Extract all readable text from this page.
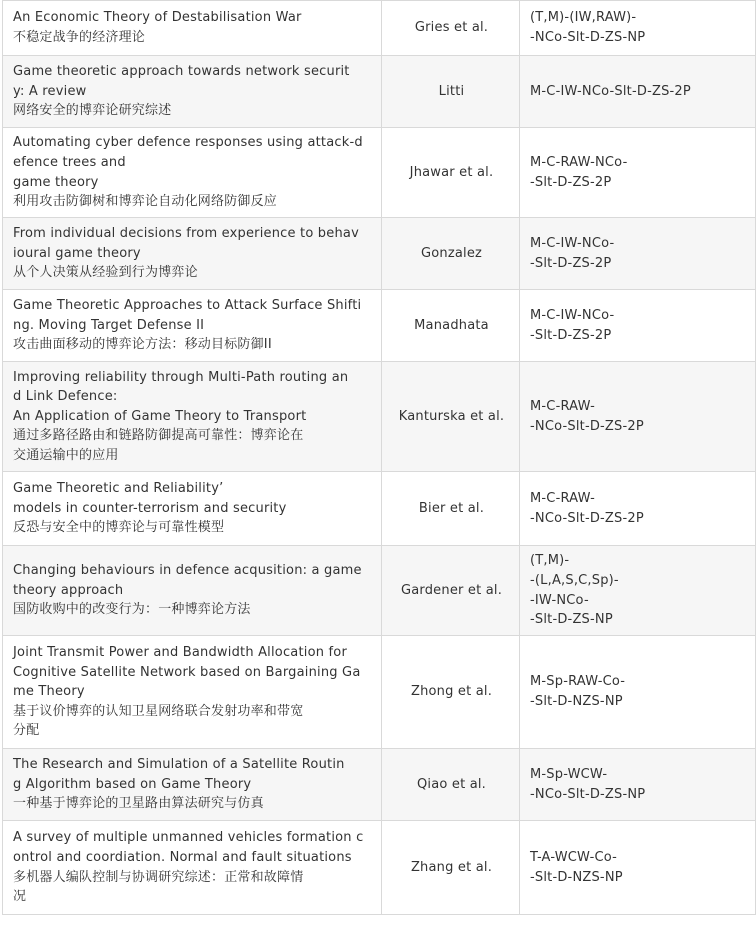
An Economic Theory of Destabilisation War
不稳定战争的经济理论	Gries et al.	(T,M)-(IW,RAW)-
-NCo-Slt-D-ZS-NP

Game theoretic approach towards network securit
y: A review
网络安全的博弈论研究综述	Litti	M-C-IW-NCo-Slt-D-ZS-2P

Automating cyber defence responses using attack-d
efence trees and
game theory
利用攻击防御树和博弈论自动化网络防御反应	Jhawar et al.	M-C-RAW-NCo-
-Slt-D-ZS-2P

From individual decisions from experience to behav
ioural game theory
从个人决策从经验到行为博弈论	Gonzalez	M-C-IW-NCo-
-Slt-D-ZS-2P

Game Theoretic Approaches to Attack Surface Shifti
ng. Moving Target Defense II
攻击曲面移动的博弈论方法：移动目标防御II	Manadhata	M-C-IW-NCo-
-Slt-D-ZS-2P

Improving reliability through Multi-Path routing an
d Link Defence:
An Application of Game Theory to Transport
通过多路径路由和链路防御提高可靠性：博弈论在
交通运输中的应用	Kanturska et al.	M-C-RAW-
-NCo-Slt-D-ZS-2P

Game Theoretic and Reliability’
models in counter-terrorism and security
反恐与安全中的博弈论与可靠性模型	Bier et al.	M-C-RAW-
-NCo-Slt-D-ZS-2P

Changing behaviours in defence acqusition: a game
theory approach
国防收购中的改变行为：一种博弈论方法	Gardener et al.	(T,M)-
-(L,A,S,C,Sp)-
-IW-NCo-
-Slt-D-ZS-NP

Joint Transmit Power and Bandwidth Allocation for
Cognitive Satellite Network based on Bargaining Ga
me Theory
基于议价博弈的认知卫星网络联合发射功率和带宽
分配	Zhong et al.	M-Sp-RAW-Co-
-Slt-D-NZS-NP

The Research and Simulation of a Satellite Routin
g Algorithm based on Game Theory
一种基于博弈论的卫星路由算法研究与仿真	Qiao et al.	M-Sp-WCW-
-NCo-Slt-D-ZS-NP

A survey of multiple unmanned vehicles formation c
ontrol and coordiation. Normal and fault situations
多机器人编队控制与协调研究综述：正常和故障情
况	Zhang et al.	T-A-WCW-Co-
-Slt-D-NZS-NP
